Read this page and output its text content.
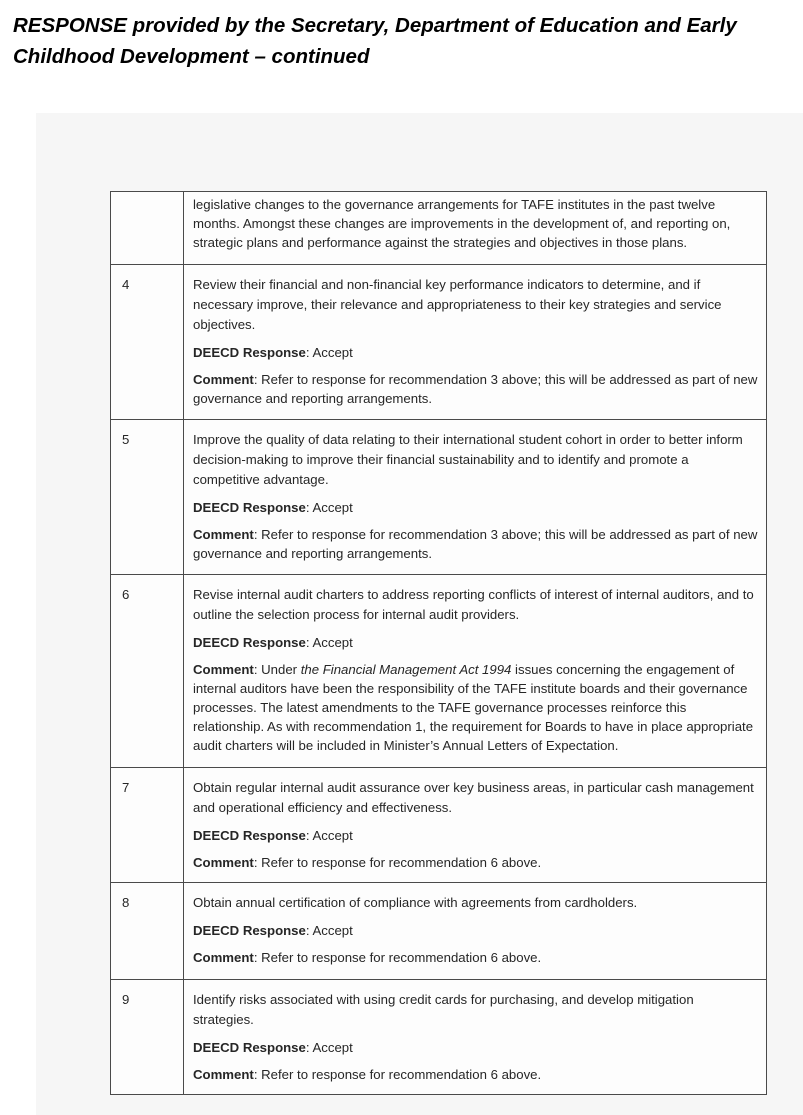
RESPONSE provided by the Secretary, Department of Education and Early
Childhood Development – continued

	legislative changes to the governance arrangements for TAFE institutes in the past twelve months. Amongst these changes are improvements in the development of, and reporting on, strategic plans and performance against the strategies and objectives in those plans.

4	Review their financial and non-financial key performance indicators to determine, and if necessary improve, their relevance and appropriateness to their key strategies and service objectives.
DEECD Response: Accept
Comment: Refer to response for recommendation 3 above; this will be addressed as part of new governance and reporting arrangements.

5	Improve the quality of data relating to their international student cohort in order to better inform decision-making to improve their financial sustainability and to identify and promote a competitive advantage.
DEECD Response: Accept
Comment: Refer to response for recommendation 3 above; this will be addressed as part of new governance and reporting arrangements.

6	Revise internal audit charters to address reporting conflicts of interest of internal auditors, and to outline the selection process for internal audit providers.
DEECD Response: Accept
Comment: Under the Financial Management Act 1994 issues concerning the engagement of internal auditors have been the responsibility of the TAFE institute boards and their governance processes. The latest amendments to the TAFE governance processes reinforce this relationship. As with recommendation 1, the requirement for Boards to have in place appropriate audit charters will be included in Minister’s Annual Letters of Expectation.

7	Obtain regular internal audit assurance over key business areas, in particular cash management and operational efficiency and effectiveness.
DEECD Response: Accept
Comment: Refer to response for recommendation 6 above.

8	Obtain annual certification of compliance with agreements from cardholders.
DEECD Response: Accept
Comment: Refer to response for recommendation 6 above.

9	Identify risks associated with using credit cards for purchasing, and develop mitigation strategies.
DEECD Response: Accept
Comment: Refer to response for recommendation 6 above.
